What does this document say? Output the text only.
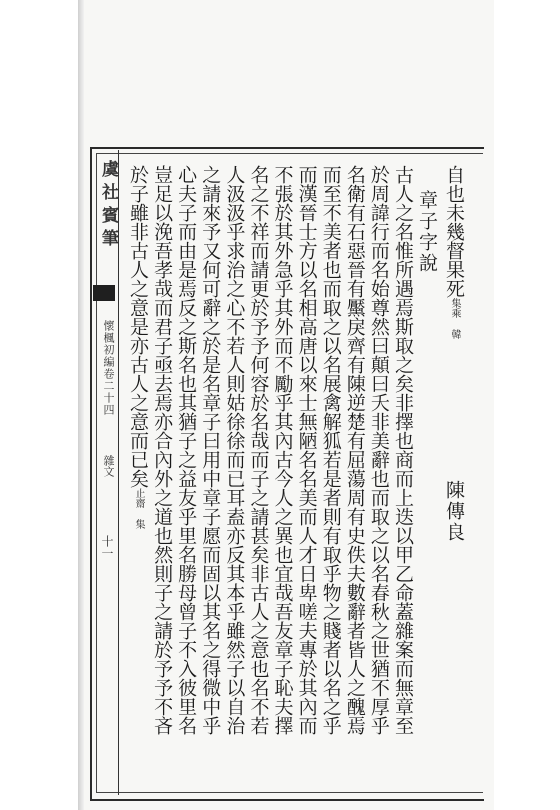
虞社賓筆
懷楓初編卷二十四
雜文
十一
自也未幾督果死集乘 韓
陳傳良
章子字說
古人之名惟所遇焉斯取之矣非擇也商而上迭以甲乙命蓋雜案而無章至
於周諱行而名始尊然曰顛曰夭非美辭也而取之以名春秋之世猶不厚乎
名衛有石惡晉有黶戾齊有陳逆楚有屈蕩周有史佚夫數辭者皆人之醜焉
而至不美者也而取之以名展禽解狐若是者則有取乎物之賤者以名之乎
而漢晉士方以名相高唐以來士無陋名名美而人才日卑嗟夫專於其內而
不張於其外急乎其外而不勵乎其內古今人之異也宜哉吾友章子恥夫擇
名之不祥而請更於予予何容於名哉而子之請甚矣非古人之意也名不若
人汲汲乎求治之心不若人則姑徐徐而已耳盍亦反其本乎雖然子以自治
之請來予又何可辭之於是名章子曰用中章子愿而固以其名之得微中乎
心夫子而由是焉反之斯名也其猶子之益友乎里名勝母曾子不入彼里名
豈足以浼吾孝哉而君子亟去焉亦合內外之道也然則子之請於予予不吝
於子雖非古人之意是亦古人之意而已矣止齋 集
